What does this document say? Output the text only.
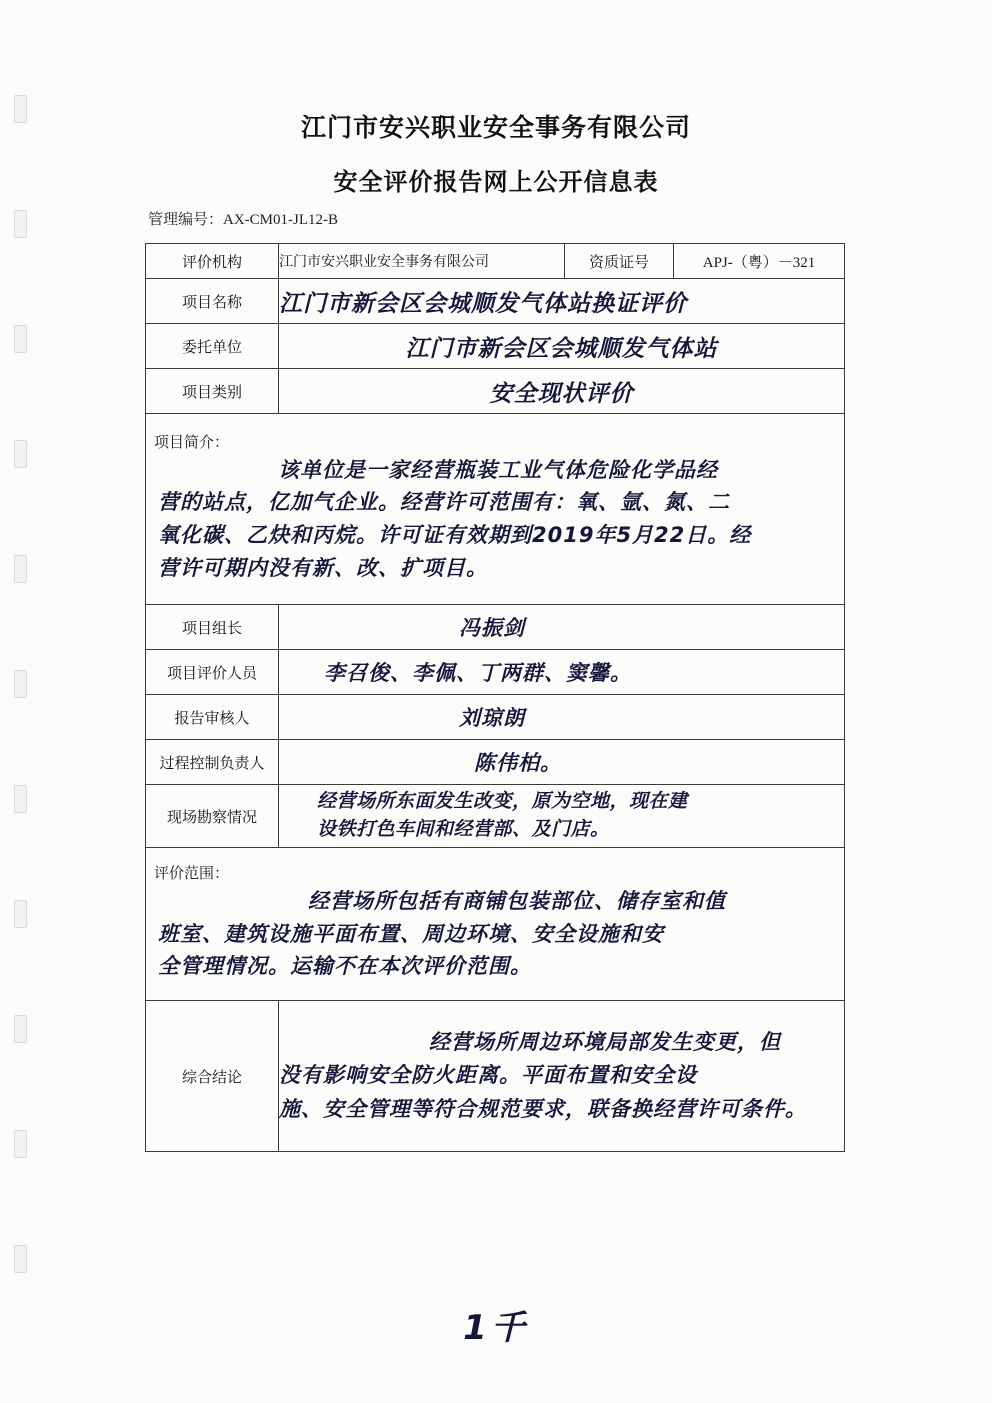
江门市安兴职业安全事务有限公司
安全评价报告网上公开信息表
管理编号：AX-CM01-JL12-B
评价机构	江门市安兴职业安全事务有限公司	资质证号	APJ-（粤）－321
项目名称	江门市新会区会城顺发气体站换证评价		
委托单位	江门市新会区会城顺发气体站		
项目类别	安全现状评价		

项目简介：
该单位是一家经营瓶装工业气体危险化学品经
营的站点，亿加气企业。经营许可范围有：氧、氩、氮、二
氧化碳、乙炔和丙烷。许可证有效期到2019年5月22日。经
营许可期内没有新、改、扩项目。			

项目组长	冯振剑		
项目评价人员	李召俊、李佩、丁两群、窦馨。		
报告审核人	刘琼朗		
过程控制负责人	陈伟柏。		
现场勘察情况	经营场所东面发生改变，原为空地，现在建
设铁打色车间和经营部、及门店。		

评价范围：
经营场所包括有商铺包装部位、储存室和值
班室、建筑设施平面布置、周边环境、安全设施和安
全管理情况。运输不在本次评价范围。			

综合结论	经营场所周边环境局部发生变更，但
没有影响安全防火距离。平面布置和安全设
施、安全管理等符合规范要求，联备换经营许可条件。		
1千
